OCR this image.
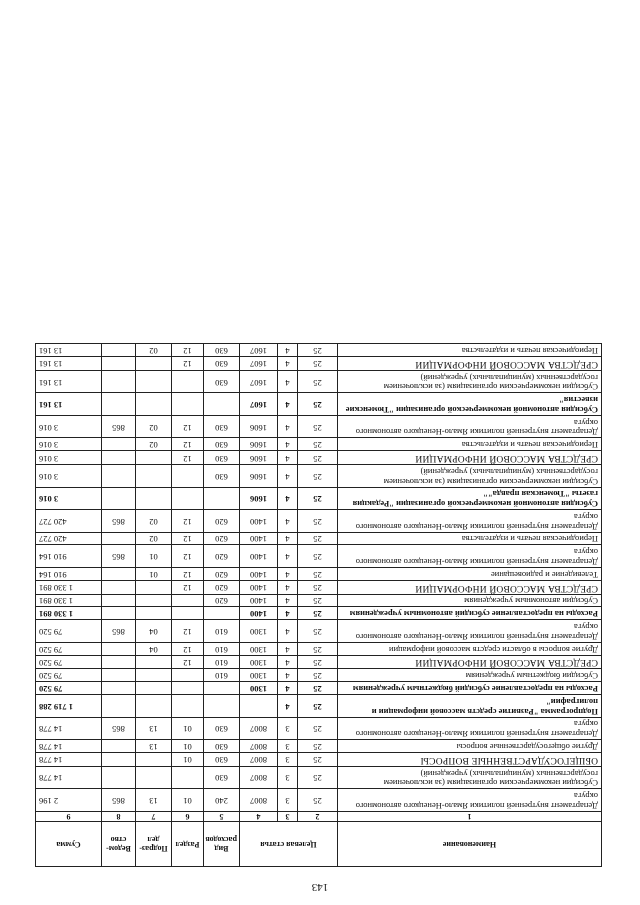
143
Наименование	Целевая статья			Вид расходов	Раздел	Подраз-дел	Ведом-ство	Сумма
1	2	3	4	5	6	7	8	9
Департамент внутренней политики Ямало-Ненецкого автономного округа	25	3	8007	240	01	13	865	2 196
Субсидии некоммерческим организациям (за исключением государственных (муниципальных) учреждений)	25	3	8007	630				14 778
ОБЩЕГОСУДАРСТВЕННЫЕ ВОПРОСЫ	25	3	8007	630	01			14 778
Другие общегосударственные вопросы	25	3	8007	630	01	13		14 778
Департамент внутренней политики Ямало-Ненецкого автономного округа	25	3	8007	630	01	13	865	14 778
Подпрограмма "Развитие средств массовой информации и полиграфии"	25	4						1 719 288
Расходы на предоставление субсидий бюджетным учреждениям	25	4	1300					79 520
Субсидии бюджетным учреждениям	25	4	1300	610				79 520
СРЕДСТВА МАССОВОЙ ИНФОРМАЦИИ	25	4	1300	610	12			79 520
Другие вопросы в области средств массовой информации	25	4	1300	610	12	04		79 520
Департамент внутренней политики Ямало-Ненецкого автономного округа	25	4	1300	610	12	04	865	79 520
Расходы на предоставление субсидий автономным учреждениям	25	4	1400					1 330 891
Субсидии автономным учреждениям	25	4	1400	620				1 330 891
СРЕДСТВА МАССОВОЙ ИНФОРМАЦИИ	25	4	1400	620	12			1 330 891
Телевидение и радиовещание	25	4	1400	620	12	01		910 164
Департамент внутренней политики Ямало-Ненецкого автономного округа	25	4	1400	620	12	01	865	910 164
Периодическая печать и издательства	25	4	1400	620	12	02		420 727
Департамент внутренней политики Ямало-Ненецкого автономного округа	25	4	1400	620	12	02	865	420 727
Субсидия автономной некоммерческой организации "Редакция газеты "Тюменская правда""	25	4	1606					3 016
Субсидии некоммерческим организациям (за исключением государственных (муниципальных) учреждений)	25	4	1606	630				3 016
СРЕДСТВА МАССОВОЙ ИНФОРМАЦИИ	25	4	1606	630	12			3 016
Периодическая печать и издательства	25	4	1606	630	12	02		3 016
Департамент внутренней политики Ямало-Ненецкого автономного округа	25	4	1606	630	12	02	865	3 016
Субсидия автономной некоммерческой организации "Тюменские известия"	25	4	1607					13 161
Субсидии некоммерческим организациям (за исключением государственных (муниципальных) учреждений)	25	4	1607	630				13 161
СРЕДСТВА МАССОВОЙ ИНФОРМАЦИИ	25	4	1607	630	12			13 161
Периодическая печать и издательства	25	4	1607	630	12	02		13 161
